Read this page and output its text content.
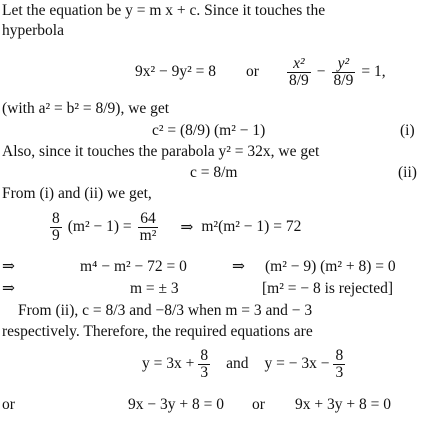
Let the equation be y = m x + c. Since it touches the
hyperbola
9x² − 9y² = 8 or $\frac{\text{x²}}{8/9} - \frac{\text{y²}}{8/9} = 1$,
(with a² = b² = 8/9), we get
c² = (8/9) (m² − 1)	(i)
Also, since it touches the parabola y² = 32x, we get
c = 8/m	(ii)
From (i) and (ii) we get,
$\frac{8}{9} (m^2 - 1) = \frac{64}{\text{m²}}$ ⇒ m²(m² − 1) = 72
⇒	m⁴ − m² − 72 = 0	⇒ (m² − 9) (m² + 8) = 0
⇒	m = ± 3	[m² = − 8 is rejected]
From (ii), c = 8/3 and −8/3 when m = 3 and − 3
respectively. Therefore, the required equations are
$y = 3x + \frac{8}{3}$ and y = − $3x - \frac{8}{3}$
or	9x − 3y + 8 = 0 or 9x + 3y + 8 = 0
